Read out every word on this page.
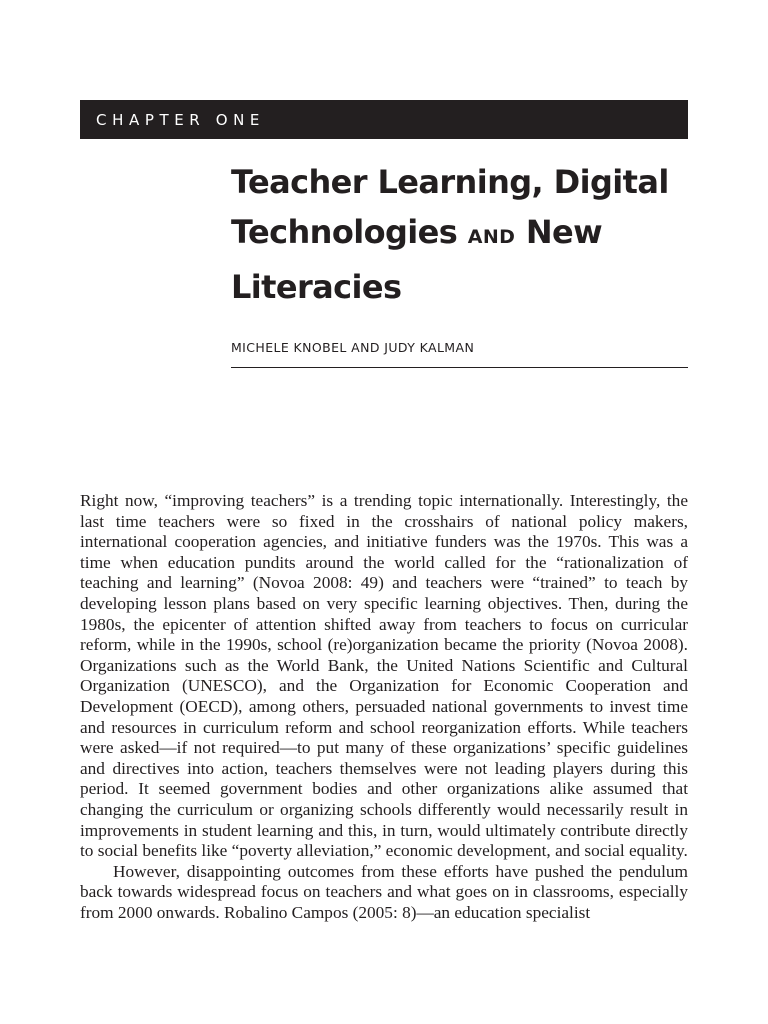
CHAPTER ONE
Teacher Learning, Digital
Technologies AND New
Literacies
MICHELE KNOBEL AND JUDY KALMAN

Right now, “improving teachers” is a trending topic internationally. Interestingly, the last time teachers were so fixed in the crosshairs of national policy makers, international cooperation agencies, and initiative funders was the 1970s. This was a time when education pundits around the world called for the “rationalization of teaching and learning” (Novoa 2008: 49) and teachers were “trained” to teach by developing lesson plans based on very specific learning objectives. Then, during the 1980s, the epicenter of attention shifted away from teachers to focus on curricular reform, while in the 1990s, school (re)organization became the priority (Novoa 2008). Organizations such as the World Bank, the United Nations Scientific and Cultural Organization (UNESCO), and the Organization for Economic Cooperation and Development (OECD), among others, persuaded national governments to invest time and resources in curriculum reform and school reorganization efforts. While teachers were asked—if not required—to put many of these organizations’ specific guidelines and directives into action, teachers themselves were not leading players during this period. It seemed government bodies and other organizations alike assumed that changing the curriculum or organizing schools differently would necessarily result in improvements in student learning and this, in turn, would ultimately contribute directly to social benefits like “poverty alleviation,” economic development, and social equality.

However, disappointing outcomes from these efforts have pushed the pendulum back towards widespread focus on teachers and what goes on in classrooms, especially from 2000 onwards. Robalino Campos (2005: 8)—an education specialist
